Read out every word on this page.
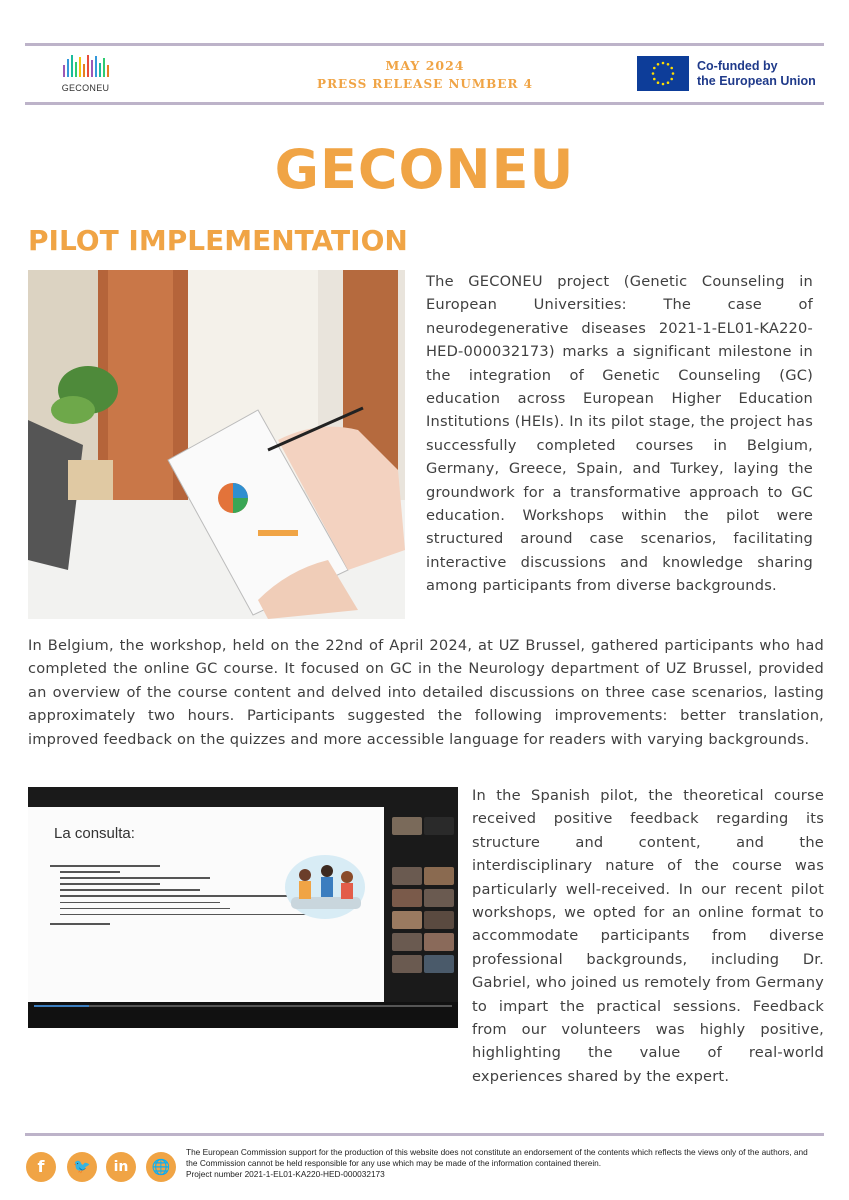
GECONEU
MAY 2024
PRESS RELEASE NUMBER 4
Co-funded by
the European Union
GECONEU
PILOT IMPLEMENTATION
The GECONEU project (Genetic Counseling in European Universities: The case of neurodegenerative diseases 2021-1-EL01-KA220-HED-000032173) marks a significant milestone in the integration of Genetic Counseling (GC) education across European Higher Education Institutions (HEIs). In its pilot stage, the project has successfully completed courses in Belgium, Germany, Greece, Spain, and Turkey, laying the groundwork for a transformative approach to GC education. Workshops within the pilot were structured around case scenarios, facilitating interactive discussions and knowledge sharing among participants from diverse backgrounds.
In Belgium, the workshop, held on the 22nd of April 2024, at UZ Brussel, gathered participants who had completed the online GC course. It focused on GC in the Neurology department of UZ Brussel, provided an overview of the course content and delved into detailed discussions on three case scenarios, lasting approximately two hours. Participants suggested the following improvements: better translation, improved feedback on the quizzes and more accessible language for readers with varying backgrounds.
La consulta:
In the Spanish pilot, the theoretical course received positive feedback regarding its structure and content, and the interdisciplinary nature of the course was particularly well-received. In our recent pilot workshops, we opted for an online format to accommodate participants from diverse professional backgrounds, including Dr. Gabriel, who joined us remotely from Germany to impart the practical sessions. Feedback from our volunteers was highly positive, highlighting the value of real-world experiences shared by the expert.
f	🐦	in	🌐
The European Commission support for the production of this website does not constitute an endorsement of the contents which reflects the views only of the authors, and the Commission cannot be held responsible for any use which may be made of the information contained therein.
Project number 2021-1-EL01-KA220-HED-000032173
